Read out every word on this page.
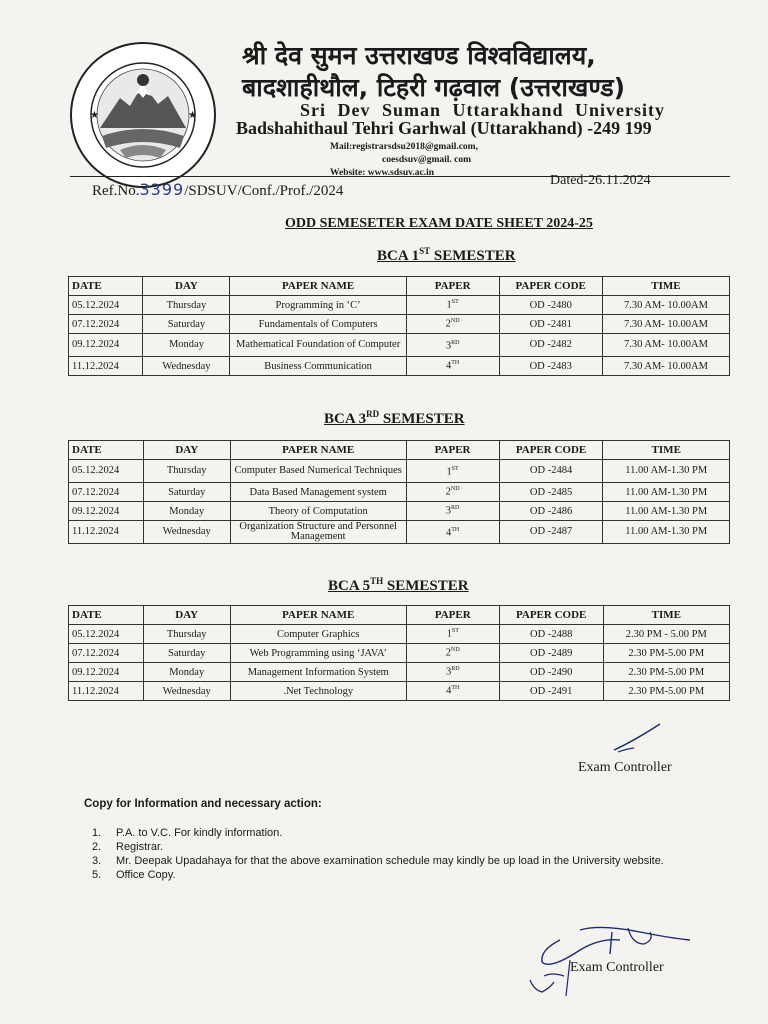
★	★
श्री देव सुमन उत्तराखण्ड विश्वविद्यालय,
बादशाहीथौल, टिहरी गढ़वाल (उत्तराखण्ड)
Sri Dev Suman Uttarakhand University
Badshahithaul Tehri Garhwal (Uttarakhand) -249 199
Mail:registrarsdsu2018@gmail.com,
coesdsuv@gmail. com
Website: www.sdsuv.ac.in
Ref.No.3399/SDSUV/Conf./Prof./2024
Dated-26.11.2024
ODD SEMESETER EXAM DATE SHEET 2024-25
BCA 1ST SEMESTER
BCA 3RD SEMESTER
BCA 5TH SEMESTER
DATE	DAY	PAPER NAME	PAPER	PAPER CODE	TIME
05.12.2024	Thursday	Programming in ‘C’	1ST	OD -2480	7.30 AM- 10.00AM
07.12.2024	Saturday	Fundamentals of Computers	2ND	OD -2481	7.30 AM- 10.00AM
09.12.2024	Monday	Mathematical Foundation of Computer	3RD	OD -2482	7.30 AM- 10.00AM
11.12.2024	Wednesday	Business Communication	4TH	OD -2483	7.30 AM- 10.00AM
DATE	DAY	PAPER NAME	PAPER	PAPER CODE	TIME
05.12.2024	Thursday	Computer Based Numerical Techniques	1ST	OD -2484	11.00 AM-1.30 PM
07.12.2024	Saturday	Data Based Management system	2ND	OD -2485	11.00 AM-1.30 PM
09.12.2024	Monday	Theory of Computation	3RD	OD -2486	11.00 AM-1.30 PM
11.12.2024	Wednesday	Organization Structure and Personnel Management	4TH	OD -2487	11.00 AM-1.30 PM
DATE	DAY	PAPER NAME	PAPER	PAPER CODE	TIME
05.12.2024	Thursday	Computer Graphics	1ST	OD -2488	2.30 PM - 5.00 PM
07.12.2024	Saturday	Web Programming using ‘JAVA’	2ND	OD -2489	2.30 PM-5.00 PM
09.12.2024	Monday	Management Information System	3RD	OD -2490	2.30 PM-5.00 PM
11.12.2024	Wednesday	.Net Technology	4TH	OD -2491	2.30 PM-5.00 PM
Exam Controller
Copy for Information and necessary action:
1.	P.A. to V.C. For kindly information.
2.	Registrar.
3.	Mr. Deepak Upadahaya for that the above examination schedule may kindly be up load in the University website.
5.	Office Copy.
Exam Controller
